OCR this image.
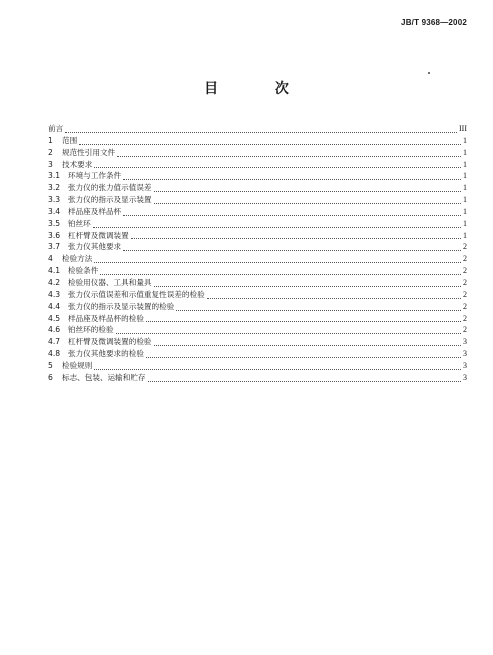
JB/T 9368—2002
目 次
前言	III
1	范围	1
2	规范性引用文件	1
3	技术要求	1
3.1	环境与工作条件	1
3.2	张力仪的张力值示值误差	1
3.3	张力仪的指示及显示装置	1
3.4	样品座及样品杯	1
3.5	铂丝环	1
3.6	杠杆臂及微调装置	1
3.7	张力仪其他要求	2
4	检验方法	2
4.1	检验条件	2
4.2	检验用仪器、工具和量具	2
4.3	张力仪示值误差和示值重复性误差的检验	2
4.4	张力仪的指示及显示装置的检验	2
4.5	样品座及样品杯的检验	2
4.6	铂丝环的检验	2
4.7	杠杆臂及微调装置的检验	3
4.8	张力仪其他要求的检验	3
5	检验规则	3
6	标志、包装、运输和贮存	3
